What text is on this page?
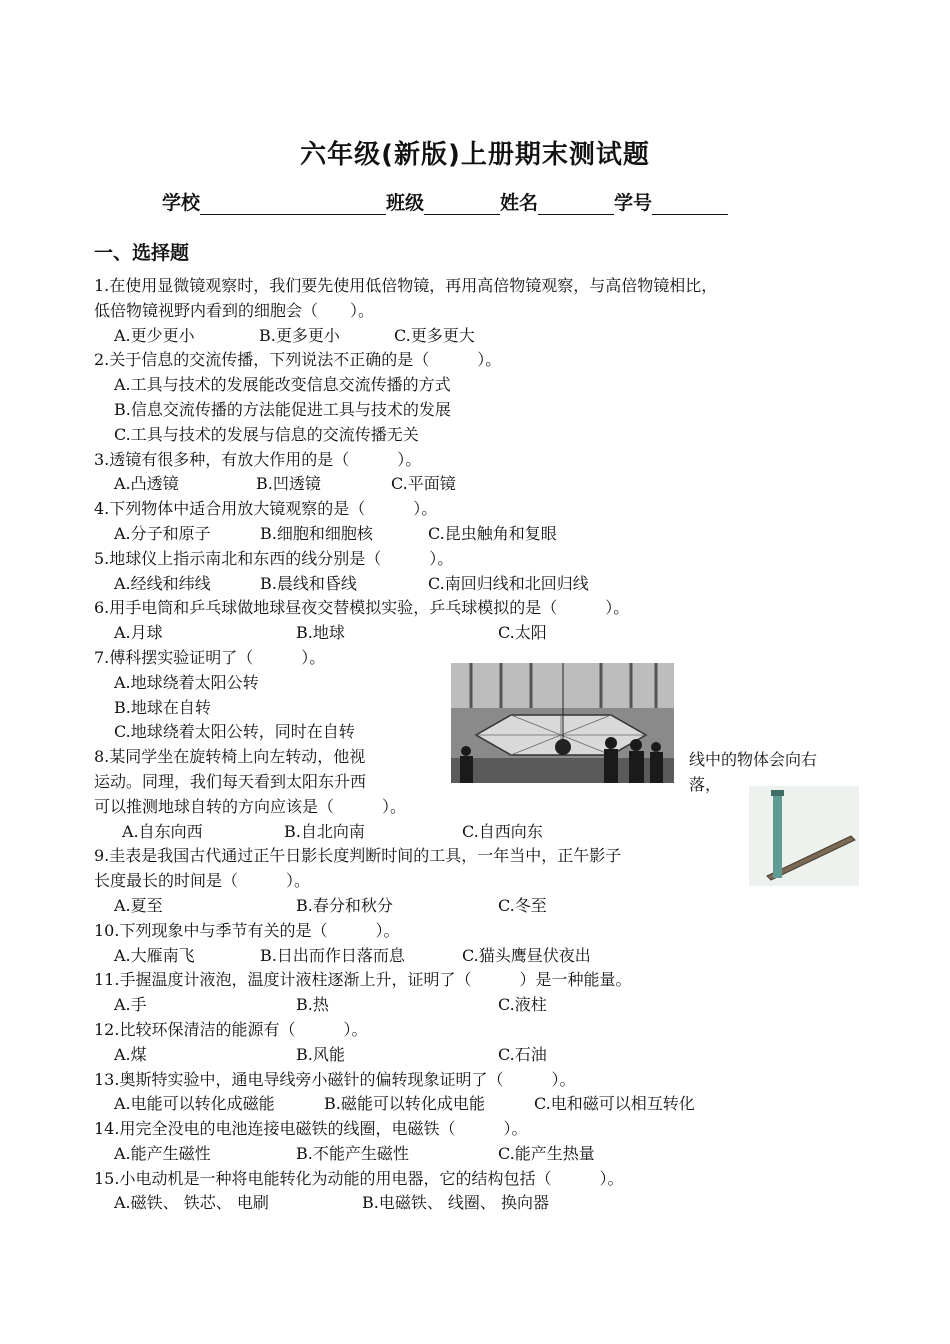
六年级(新版)上册期末测试题
学校	班级	姓名	学号
一、选择题
1.在使用显微镜观察时，我们要先使用低倍物镜，再用高倍物镜观察，与高倍物镜相比，
低倍物镜视野内看到的细胞会（　　）。
A.更少更小	B.更多更小	C.更多更大
2.关于信息的交流传播，下列说法不正确的是（　　　）。
A.工具与技术的发展能改变信息交流传播的方式
B.信息交流传播的方法能促进工具与技术的发展
C.工具与技术的发展与信息的交流传播无关
3.透镜有很多种，有放大作用的是（　　　）。
A.凸透镜	B.凹透镜	C.平面镜
4.下列物体中适合用放大镜观察的是（　　　）。
A.分子和原子	B.细胞和细胞核	C.昆虫触角和复眼
5.地球仪上指示南北和东西的线分别是（　　　）。
A.经线和纬线	B.晨线和昏线	C.南回归线和北回归线
6.用手电筒和乒乓球做地球昼夜交替模拟实验，乒乓球模拟的是（　　　）。
A.月球	B.地球	C.太阳
7.傅科摆实验证明了（　　　）。
A.地球绕着太阳公转
B.地球在自转
C.地球绕着太阳公转，同时在自转
8.某同学坐在旋转椅上向左转动，他视
运动。同理，我们每天看到太阳东升西
可以推测地球自转的方向应该是（　　　）。
A.自东向西	B.自北向南	C.自西向东
9.圭表是我国古代通过正午日影长度判断时间的工具，一年当中，正午影子
长度最长的时间是（　　　）。
A.夏至	B.春分和秋分	C.冬至
10.下列现象中与季节有关的是（　　　）。
A.大雁南飞	B.日出而作日落而息	C.猫头鹰昼伏夜出
11.手握温度计液泡，温度计液柱逐渐上升，证明了（　　　）是一种能量。
A.手	B.热	C.液柱
12.比较环保清洁的能源有（　　　）。
A.煤	B.风能	C.石油
13.奥斯特实验中，通电导线旁小磁针的偏转现象证明了（　　　）。
A.电能可以转化成磁能	B.磁能可以转化成电能	C.电和磁可以相互转化
14.用完全没电的电池连接电磁铁的线圈，电磁铁（　　　）。
A.能产生磁性	B.不能产生磁性	C.能产生热量
15.小电动机是一种将电能转化为动能的用电器，它的结构包括（　　　）。
A.磁铁、 铁芯、 电刷	B.电磁铁、 线圈、 换向器
线中的物体会向右
落，
